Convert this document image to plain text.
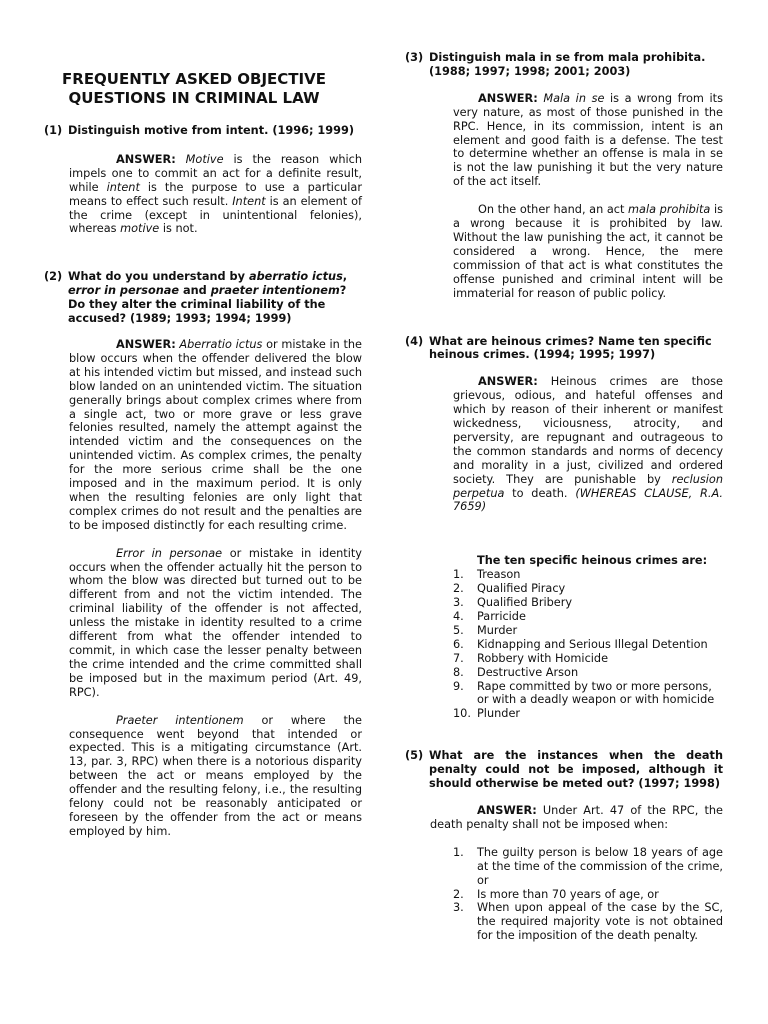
FREQUENTLY ASKED OBJECTIVE
QUESTIONS IN CRIMINAL LAW
(1) Distinguish motive from intent. (1996; 1999)

ANSWER: Motive is the reason which impels one to commit an act for a definite result, while intent is the purpose to use a particular means to effect such result. Intent is an element of the crime (except in unintentional felonies), whereas motive is not.

(2) What do you understand by aberratio ictus, error in personae and praeter intentionem? Do they alter the criminal liability of the accused? (1989; 1993; 1994; 1999)

ANSWER: Aberratio ictus or mistake in the blow occurs when the offender delivered the blow at his intended victim but missed, and instead such blow landed on an unintended victim. The situation generally brings about complex crimes where from a single act, two or more grave or less grave felonies resulted, namely the attempt against the intended victim and the consequences on the unintended victim. As complex crimes, the penalty for the more serious crime shall be the one imposed and in the maximum period. It is only when the resulting felonies are only light that complex crimes do not result and the penalties are to be imposed distinctly for each resulting crime.

Error in personae or mistake in identity occurs when the offender actually hit the person to whom the blow was directed but turned out to be different from and not the victim intended. The criminal liability of the offender is not affected, unless the mistake in identity resulted to a crime different from what the offender intended to commit, in which case the lesser penalty between the crime intended and the crime committed shall be imposed but in the maximum period (Art. 49, RPC).

Praeter intentionem or where the consequence went beyond that intended or expected. This is a mitigating circumstance (Art. 13, par. 3, RPC) when there is a notorious disparity between the act or means employed by the offender and the resulting felony, i.e., the resulting felony could not be reasonably anticipated or foreseen by the offender from the act or means employed by him.

(3) Distinguish mala in se from mala prohibita. (1988; 1997; 1998; 2001; 2003)

ANSWER: Mala in se is a wrong from its very nature, as most of those punished in the RPC. Hence, in its commission, intent is an element and good faith is a defense. The test to determine whether an offense is mala in se is not the law punishing it but the very nature of the act itself.

On the other hand, an act mala prohibita is a wrong because it is prohibited by law. Without the law punishing the act, it cannot be considered a wrong. Hence, the mere commission of that act is what constitutes the offense punished and criminal intent will be immaterial for reason of public policy.

(4) What are heinous crimes? Name ten specific heinous crimes. (1994; 1995; 1997)

ANSWER: Heinous crimes are those grievous, odious, and hateful offenses and which by reason of their inherent or manifest wickedness, viciousness, atrocity, and perversity, are repugnant and outrageous to the common standards and norms of decency and morality in a just, civilized and ordered society. They are punishable by reclusion perpetua to death. (WHEREAS CLAUSE, R.A. 7659)

The ten specific heinous crimes are:
1.	Treason
2.	Qualified Piracy
3.	Qualified Bribery
4.	Parricide
5.	Murder
6.	Kidnapping and Serious Illegal Detention
7.	Robbery with Homicide
8.	Destructive Arson
9.	Rape committed by two or more persons, or with a deadly weapon or with homicide
10. Plunder
(5) What are the instances when the death penalty could not be imposed, although it should otherwise be meted out? (1997; 1998)

ANSWER: Under Art. 47 of the RPC, the death penalty shall not be imposed when:

1.	The guilty person is below 18 years of age at the time of the commission of the crime, or
2.	Is more than 70 years of age, or
3.	When upon appeal of the case by the SC, the required majority vote is not obtained for the imposition of the death penalty.
